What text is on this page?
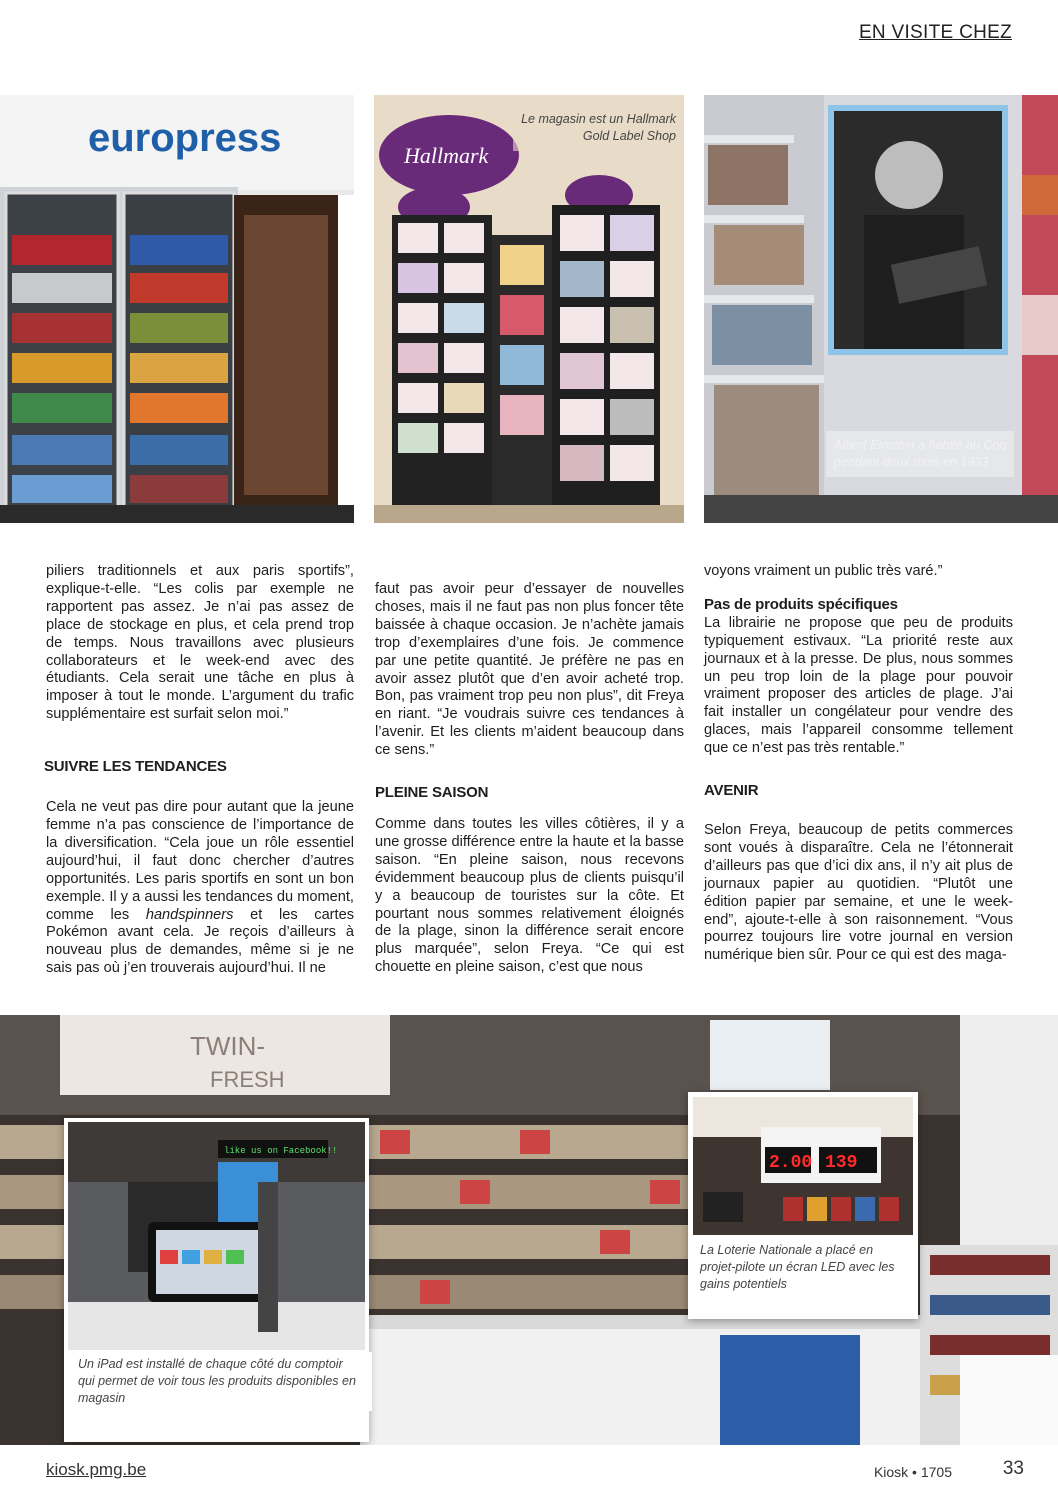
EN VISITE CHEZ
europress	Hallmark
Le magasin est un Hallmark
Gold Label Shop
Albert Einstein a habité au Coq
pendant deux mois en 1933

piliers traditionnels et aux paris sportifs”, explique-t-elle. “Les colis par exemple ne rapportent pas assez. Je n’ai pas assez de place de stockage en plus, et cela prend trop de temps. Nous travaillons avec plusieurs collaborateurs et le week-end avec des étudiants. Cela serait une tâche en plus à imposer à tout le monde. L’argument du trafic supplémentaire est surfait selon moi.”

SUIVRE LES TENDANCES

Cela ne veut pas dire pour autant que la jeune femme n’a pas conscience de l’importance de la diversification. “Cela joue un rôle essentiel aujourd’hui, il faut donc chercher d’autres opportunités. Les paris sportifs en sont un bon exemple. Il y a aussi les tendances du moment, comme les handspinners et les cartes Pokémon avant cela. Je reçois d’ailleurs à nouveau plus de demandes, même si je ne sais pas où j’en trouverais aujourd’hui. Il ne

faut pas avoir peur d’essayer de nouvelles choses, mais il ne faut pas non plus foncer tête baissée à chaque occasion. Je n’achète jamais trop d’exemplaires d’une fois. Je commence par une petite quantité. Je préfère ne pas en avoir assez plutôt que d’en avoir acheté trop. Bon, pas vraiment trop peu non plus”, dit Freya en riant. “Je voudrais suivre ces tendances à l’avenir. Et les clients m’aident beaucoup dans ce sens.”

PLEINE SAISON

Comme dans toutes les villes côtières, il y a une grosse différence entre la haute et la basse saison. “En pleine saison, nous recevons évidemment beaucoup plus de clients puisqu’il y a beaucoup de touristes sur la côte. Et pourtant nous sommes relativement éloignés de la plage, sinon la différence serait encore plus marquée”, selon Freya. “Ce qui est chouette en pleine saison, c’est que nous

voyons vraiment un public très varé.”

Pas de produits spécifiques

La librairie ne propose que peu de produits typiquement estivaux. “La priorité reste aux journaux et à la presse. De plus, nous sommes un peu trop loin de la plage pour pouvoir vraiment proposer des articles de plage. J’ai fait installer un congélateur pour vendre des glaces, mais l’appareil consomme tellement que ce n’est pas très rentable.”

AVENIR

Selon Freya, beaucoup de petits commerces sont voués à disparaître. Cela ne l’étonnerait d’ailleurs pas que d’ici dix ans, il n’y ait plus de journaux papier au quotidien. “Plutôt une édition papier par semaine, et une le week-end”, ajoute-t-elle à son raisonnement. “Vous pourrez toujours lire votre journal en version numérique bien sûr. Pour ce qui est des maga-

TWIN-
FRESH
like us on Facebook!!
Un iPad est installé de chaque côté du comptoir
qui permet de voir tous les produits disponibles en
magasin
2.00 139
La Loterie Nationale a placé en
projet-pilote un écran LED avec les
gains potentiels
kiosk.pmg.be	Kiosk • 1705	33
